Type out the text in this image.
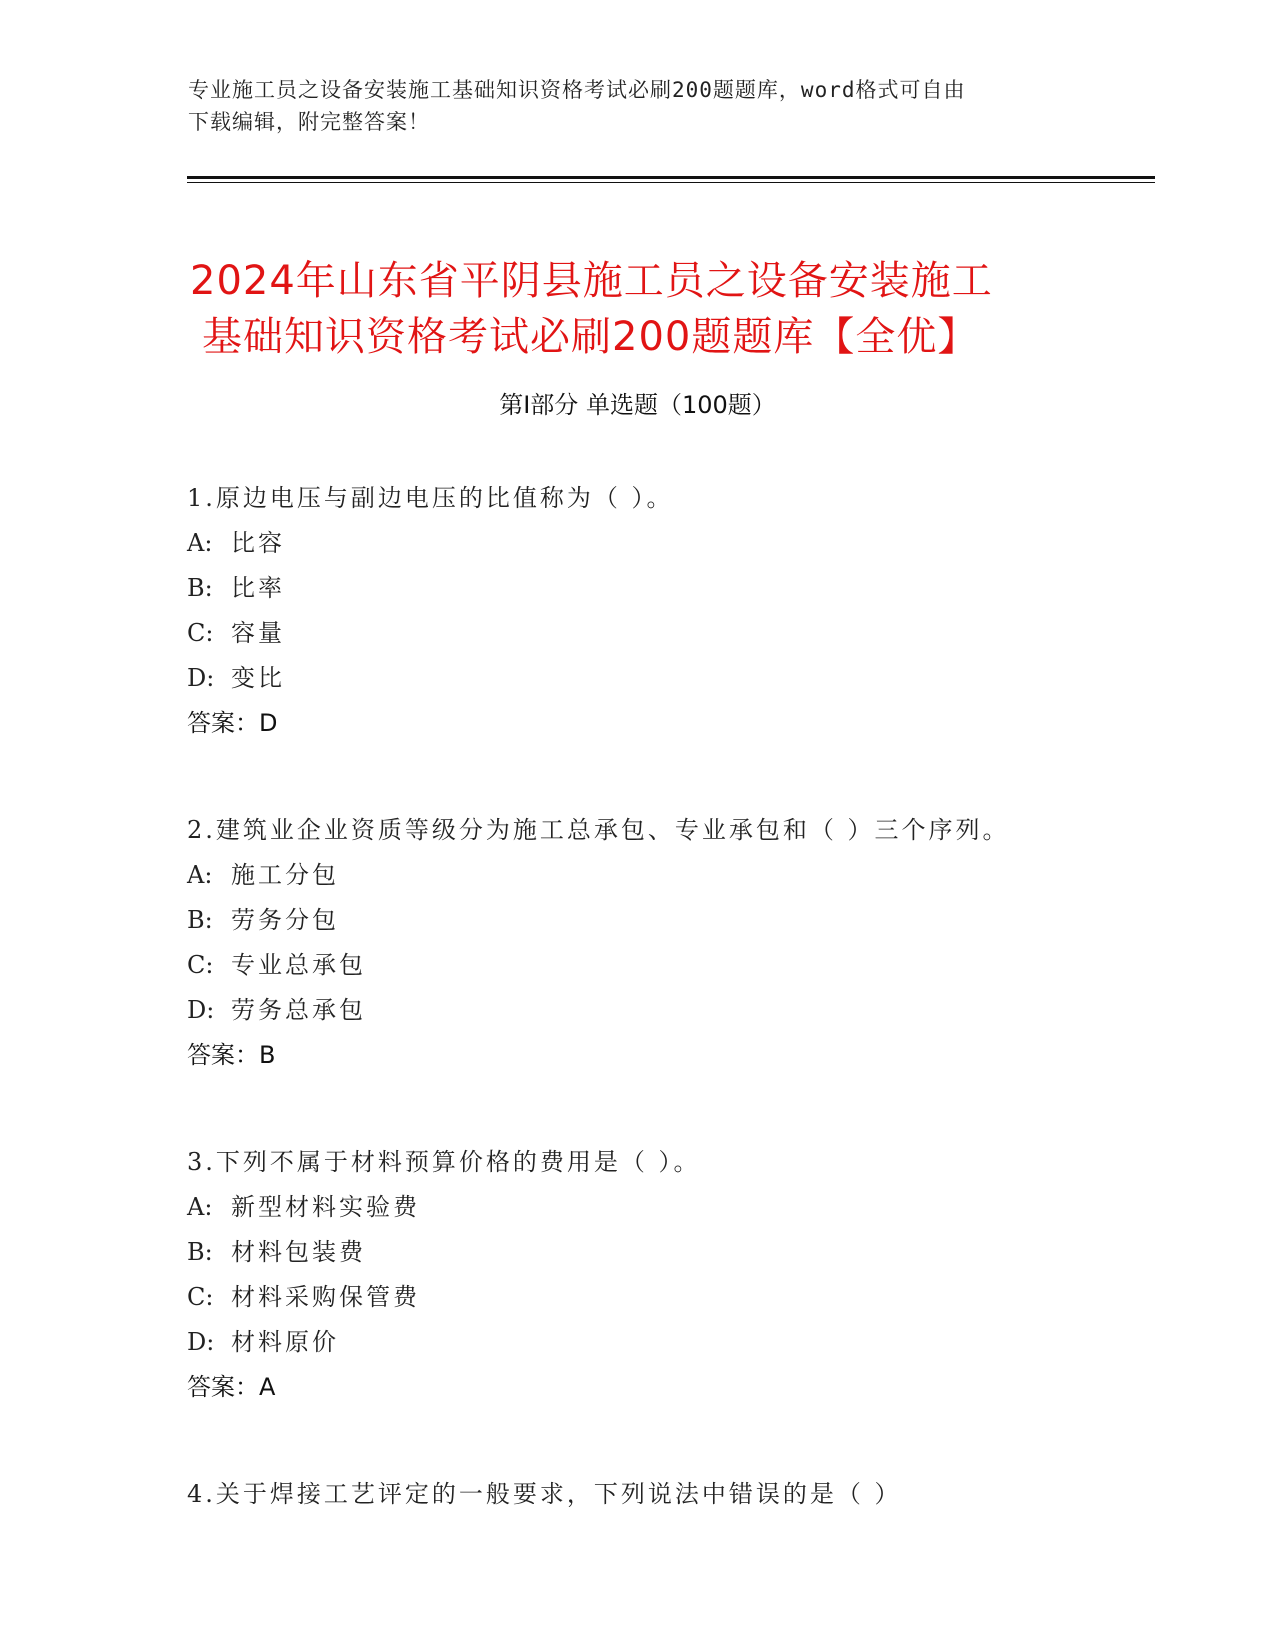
专业施工员之设备安装施工基础知识资格考试必刷200题题库，word格式可自由
下载编辑，附完整答案！
2024年山东省平阴县施工员之设备安装施工
基础知识资格考试必刷200题题库【全优】
第Ⅰ部分 单选题（100题）
1.原边电压与副边电压的比值称为（ ）。
A: 比容
B: 比率
C: 容量
D: 变比
答案：D
2.建筑业企业资质等级分为施工总承包、专业承包和（ ）三个序列。
A: 施工分包
B: 劳务分包
C: 专业总承包
D: 劳务总承包
答案：B
3.下列不属于材料预算价格的费用是（ ）。
A: 新型材料实验费
B: 材料包装费
C: 材料采购保管费
D: 材料原价
答案：A
4.关于焊接工艺评定的一般要求，下列说法中错误的是（ ）
